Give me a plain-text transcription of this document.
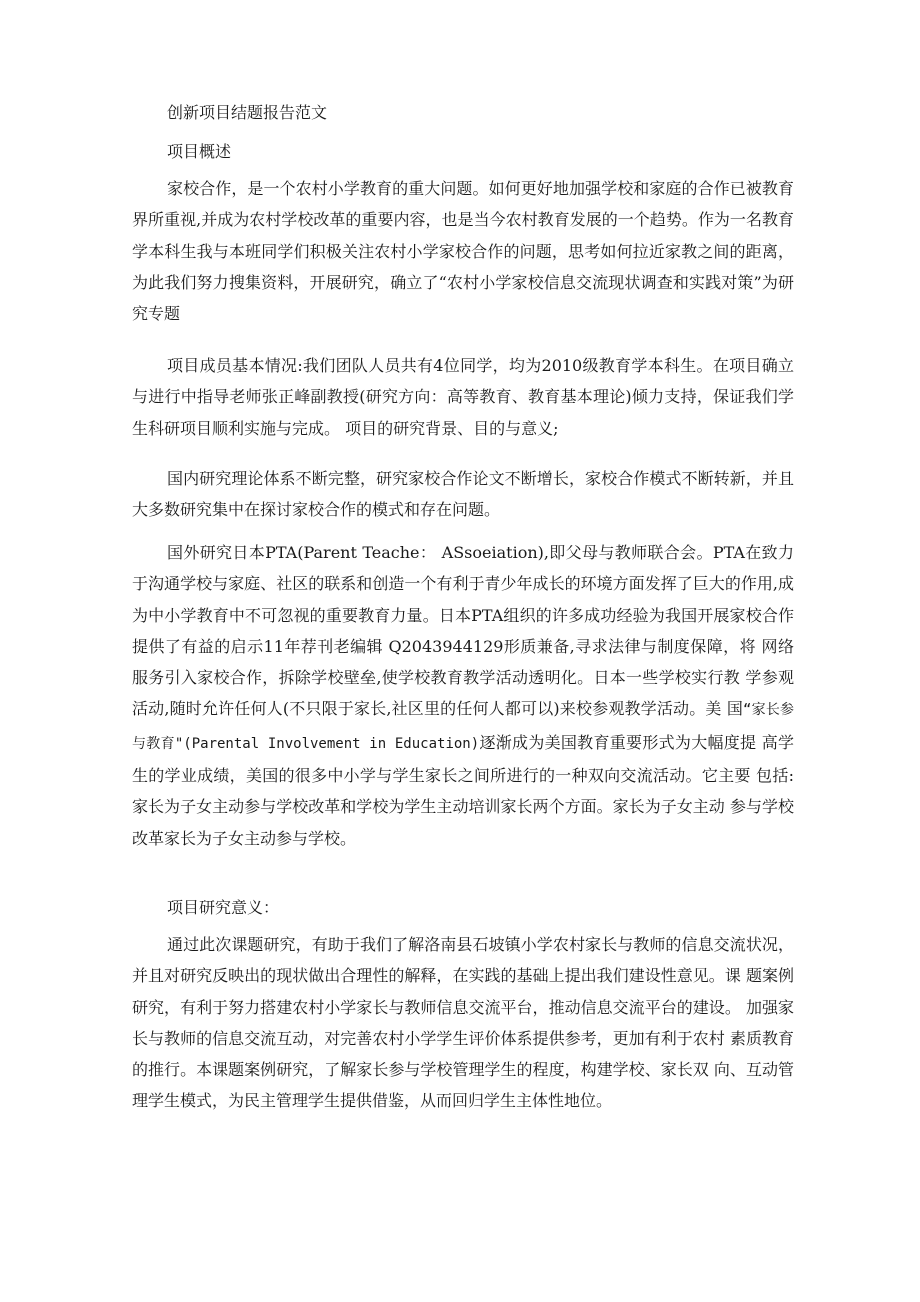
创新项目结题报告范文

项目概述

家校合作，是一个农村小学教育的重大问题。如何更好地加强学校和家庭的合作已被教育界所重视,并成为农村学校改革的重要内容，也是当今农村教育发展的一个趋势。作为一名教育学本科生我与本班同学们积极关注农村小学家校合作的问题，思考如何拉近家教之间的距离，为此我们努力搜集资料，开展研究，确立了“农村小学家校信息交流现状调查和实践对策”为研究专题

项目成员基本情况:我们团队人员共有4位同学，均为2010级教育学本科生。在项目确立与进行中指导老师张正峰副教授(研究方向：高等教育、教育基本理论)倾力支持，保证我们学生科研项目顺利实施与完成。 项目的研究背景、目的与意义;

国内研究理论体系不断完整，研究家校合作论文不断增长，家校合作模式不断转新，并且大多数研究集中在探讨家校合作的模式和存在问题。

国外研究日本PTA(Parent Teache： ASsoeiation),即父母与教师联合会。PTA在致力于沟通学校与家庭、社区的联系和创造一个有利于青少年成长的环境方面发挥了巨大的作用,成为中小学教育中不可忽视的重要教育力量。日本PTA组织的许多成功经验为我国开展家校合作提供了有益的启示11年荐刊老编辑 Q2043944129形质兼备,寻求法律与制度保障，将 网络服务引入家校合作，拆除学校壁垒,使学校教育教学活动透明化。日本一些学校实行教 学参观活动,随时允许任何人(不只限于家长,社区里的任何人都可以)来校参观教学活动。美 国“家长参与教育"(Parental Involvement in Education)逐渐成为美国教育重要形式为大幅度提 高学生的学业成绩，美国的很多中小学与学生家长之间所进行的一种双向交流活动。它主要 包括: 家长为子女主动参与学校改革和学校为学生主动培训家长两个方面。家长为子女主动 参与学校改革家长为子女主动参与学校。

项目研究意义：

通过此次课题研究，有助于我们了解洛南县石坡镇小学农村家长与教师的信息交流状况，并且对研究反映出的现状做出合理性的解释，在实践的基础上提出我们建设性意见。课 题案例研究，有利于努力搭建农村小学家长与教师信息交流平台，推动信息交流平台的建设。 加强家长与教师的信息交流互动，对完善农村小学学生评价体系提供参考，更加有利于农村 素质教育的推行。本课题案例研究，了解家长参与学校管理学生的程度，构建学校、家长双 向、互动管理学生模式，为民主管理学生提供借鉴，从而回归学生主体性地位。
